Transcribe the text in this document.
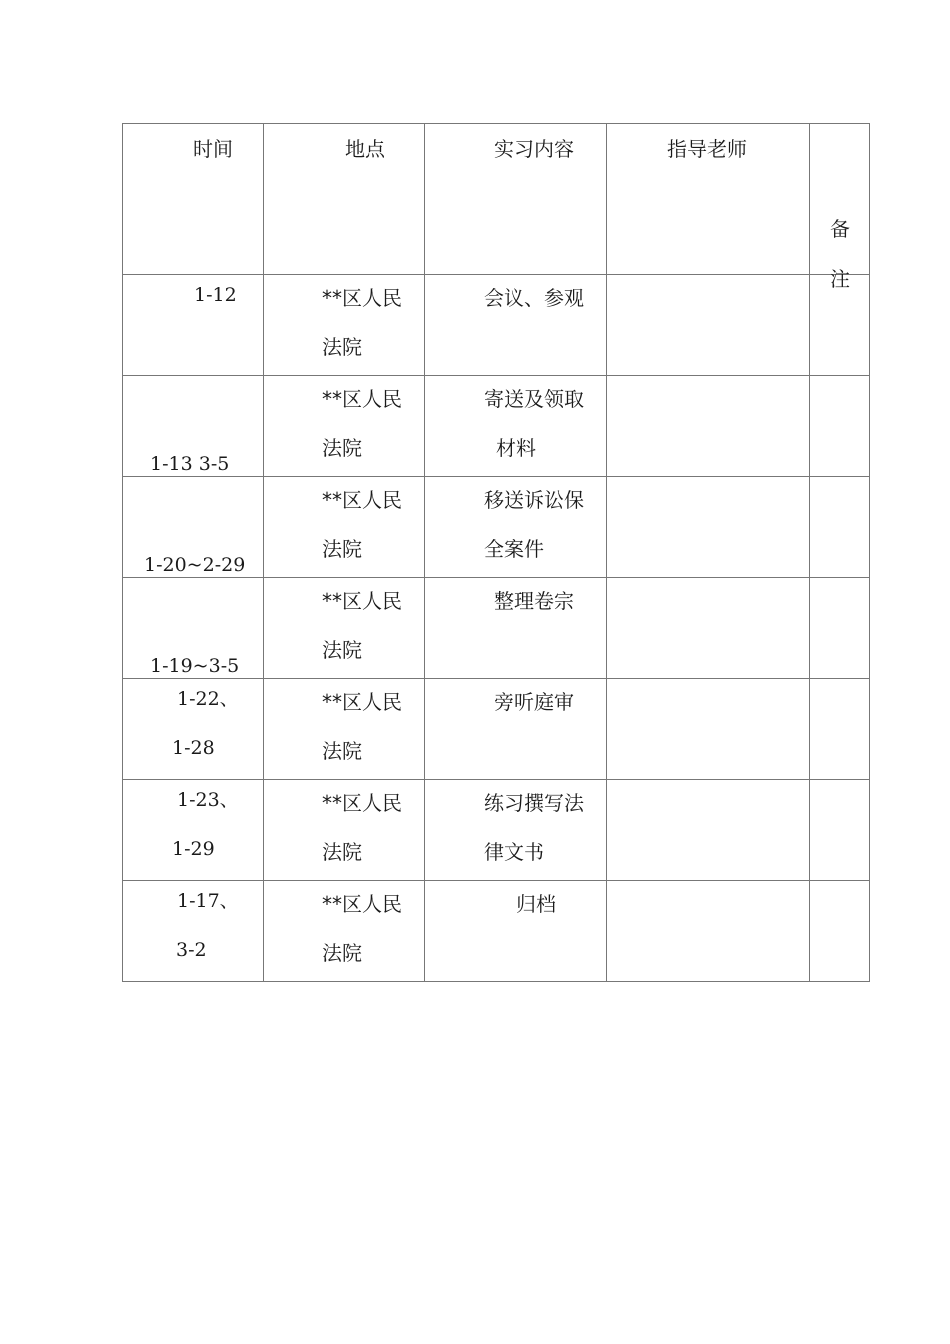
时间	地点	实习内容	指导老师	备
注

1-12	**区人民
法院	会议、参观		

1-13 3-5	**区人民
法院	寄送及领取
材料		

1-20~2-29	**区人民
法院	移送诉讼保
全案件		

1-19~3-5	**区人民
法院	整理卷宗		

1-22、
1-28	**区人民
法院	旁听庭审		

1-23、
1-29	**区人民
法院	练习撰写法
律文书		

1-17、
3-2	**区人民
法院	归档		
